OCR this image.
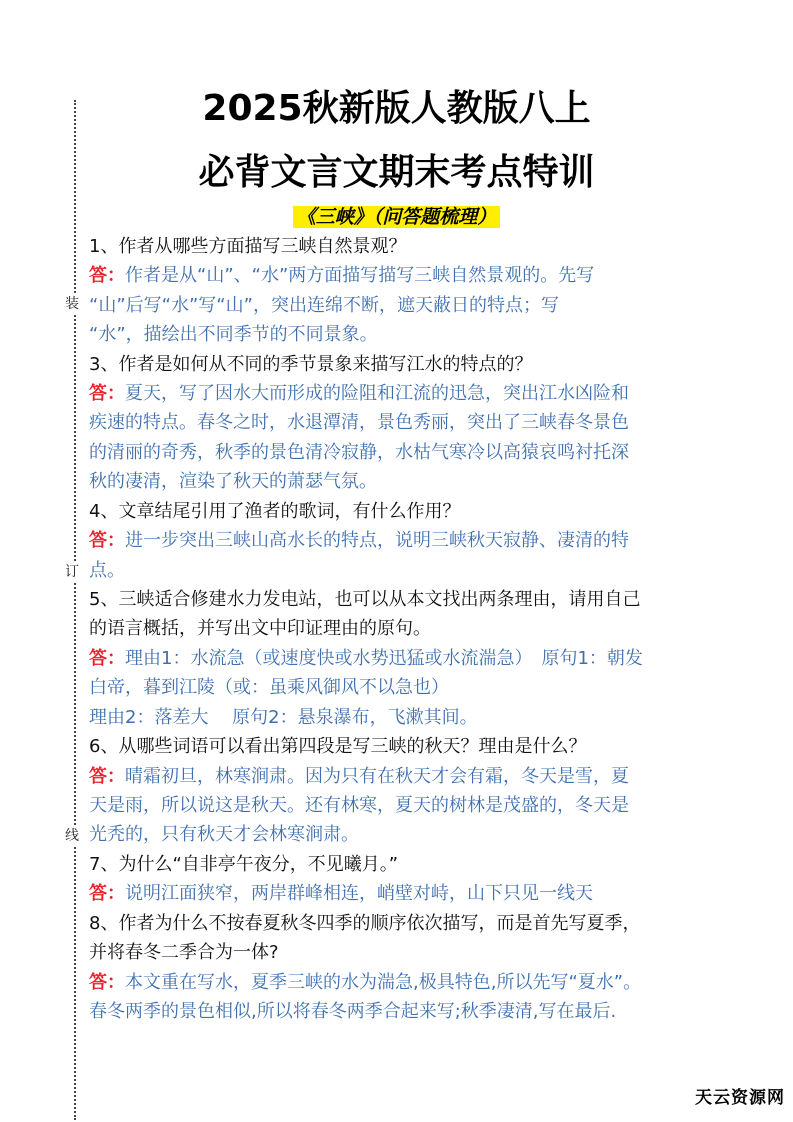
装
订
线
2025秋新版人教版八上
必背文言文期末考点特训
《三峡》（问答题梳理）
1、作者从哪些方面描写三峡自然景观？
答：作者是从“山”、“水”两方面描写描写三峡自然景观的。先写
“山”后写“水”写“山”，突出连绵不断，遮天蔽日的特点；写
“水”，描绘出不同季节的不同景象。
3、作者是如何从不同的季节景象来描写江水的特点的？
答：夏天，写了因水大而形成的险阻和江流的迅急，突出江水凶险和
疾速的特点。春冬之时，水退潭清，景色秀丽，突出了三峡春冬景色
的清丽的奇秀，秋季的景色清冷寂静，水枯气寒冷以高猿哀鸣衬托深
秋的凄清，渲染了秋天的萧瑟气氛。
4、文章结尾引用了渔者的歌词，有什么作用？
答：进一步突出三峡山高水长的特点，说明三峡秋天寂静、凄清的特
点。
5、三峡适合修建水力发电站，也可以从本文找出两条理由，请用自己
的语言概括，并写出文中印证理由的原句。
答：理由1：水流急（或速度快或水势迅猛或水流湍急）　原句1：朝发
白帝，暮到江陵（或：虽乘风御风不以急也）
理由2：落差大　 原句2：悬泉瀑布，飞漱其间。
6、从哪些词语可以看出第四段是写三峡的秋天？理由是什么？
答：晴霜初旦，林寒涧肃。因为只有在秋天才会有霜，冬天是雪，夏
天是雨，所以说这是秋天。还有林寒，夏天的树林是茂盛的，冬天是
光秃的，只有秋天才会林寒涧肃。
7、为什么“自非亭午夜分，不见曦月。”
答：说明江面狭窄，两岸群峰相连，峭壁对峙，山下只见一线天
8、作者为什么不按春夏秋冬四季的顺序依次描写，而是首先写夏季，
并将春冬二季合为一体?
答：本文重在写水，夏季三峡的水为湍急,极具特色,所以先写“夏水”。
春冬两季的景色相似,所以将春冬两季合起来写;秋季凄清,写在最后.
天云资源网
